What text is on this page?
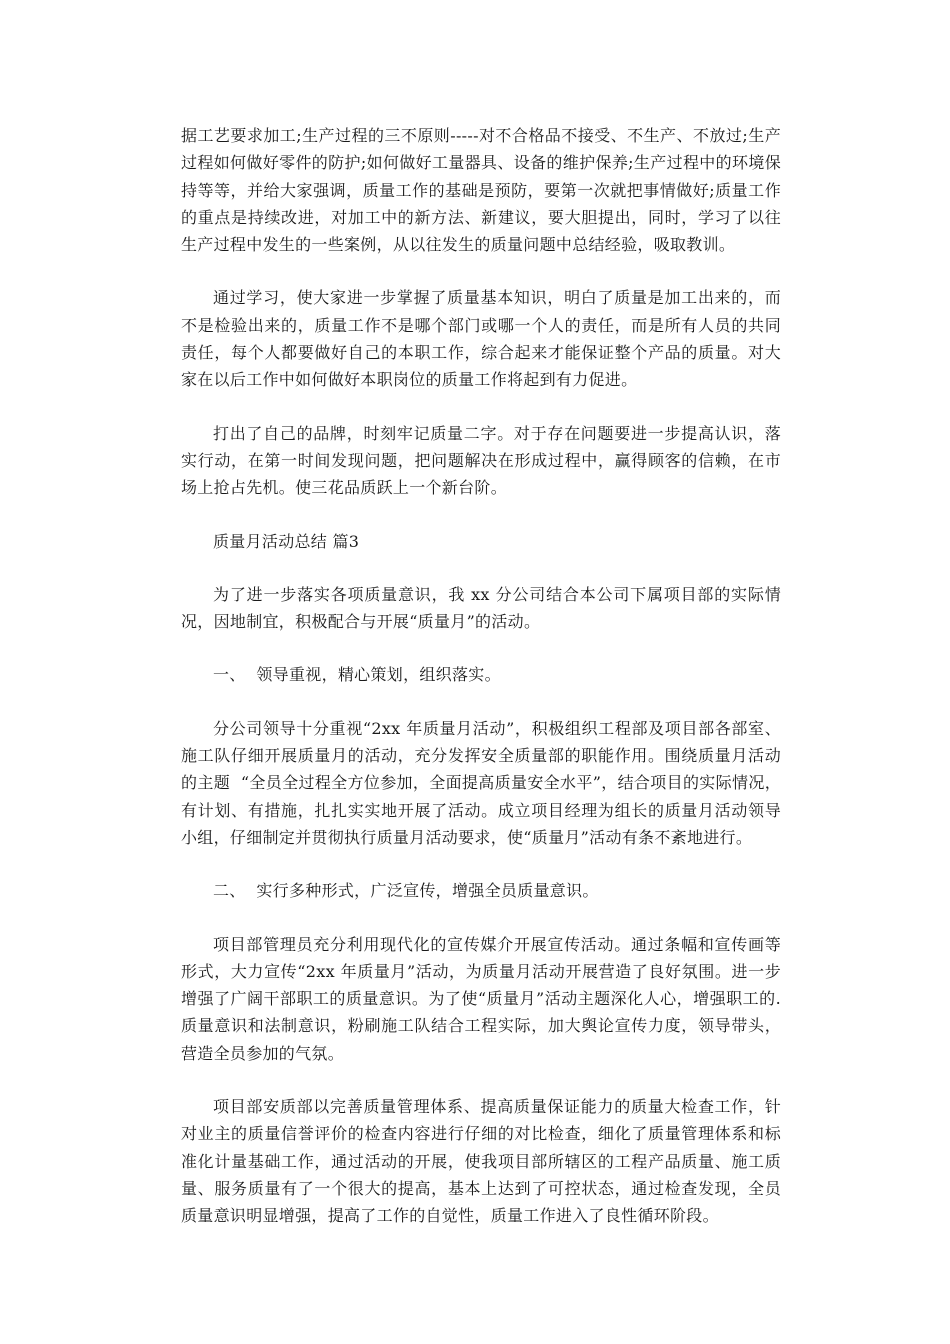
据工艺要求加工;生产过程的三不原则-----对不合格品不接受、不生产、不放过;生产过程如何做好零件的防护;如何做好工量器具、设备的维护保养;生产过程中的环境保持等等，并给大家强调，质量工作的基础是预防，要第一次就把事情做好;质量工作的重点是持续改进，对加工中的新方法、新建议，要大胆提出，同时，学习了以往生产过程中发生的一些案例，从以往发生的质量问题中总结经验，吸取教训。

通过学习，使大家进一步掌握了质量基本知识，明白了质量是加工出来的，而不是检验出来的，质量工作不是哪个部门或哪一个人的责任，而是所有人员的共同责任，每个人都要做好自己的本职工作，综合起来才能保证整个产品的质量。对大家在以后工作中如何做好本职岗位的质量工作将起到有力促进。

打出了自己的品牌，时刻牢记质量二字。对于存在问题要进一步提高认识，落实行动，在第一时间发现问题，把问题解决在形成过程中，赢得顾客的信赖，在市场上抢占先机。使三花品质跃上一个新台阶。

质量月活动总结 篇3

为了进一步落实各项质量意识，我 xx 分公司结合本公司下属项目部的实际情况，因地制宜，积极配合与开展“质量月”的活动。

一、  领导重视，精心策划，组织落实。

分公司领导十分重视“2xx 年质量月活动”，积极组织工程部及项目部各部室、施工队仔细开展质量月的活动，充分发挥安全质量部的职能作用。围绕质量月活动的主题  “全员全过程全方位参加，全面提高质量安全水平”，结合项目的实际情况，有计划、有措施，扎扎实实地开展了活动。成立项目经理为组长的质量月活动领导小组，仔细制定并贯彻执行质量月活动要求，使“质量月”活动有条不紊地进行。

二、  实行多种形式，广泛宣传，增强全员质量意识。

项目部管理员充分利用现代化的宣传媒介开展宣传活动。通过条幅和宣传画等形式，大力宣传“2xx 年质量月”活动，为质量月活动开展营造了良好氛围。进一步增强了广阔干部职工的质量意识。为了使“质量月”活动主题深化人心，增强职工的.质量意识和法制意识，粉刷施工队结合工程实际，加大舆论宣传力度，领导带头，营造全员参加的气氛。

项目部安质部以完善质量管理体系、提高质量保证能力的质量大检查工作，针对业主的质量信誉评价的检查内容进行仔细的对比检查，细化了质量管理体系和标准化计量基础工作，通过活动的开展，使我项目部所辖区的工程产品质量、施工质量、服务质量有了一个很大的提高，基本上达到了可控状态，通过检查发现，全员质量意识明显增强，提高了工作的自觉性，质量工作进入了良性循环阶段。
